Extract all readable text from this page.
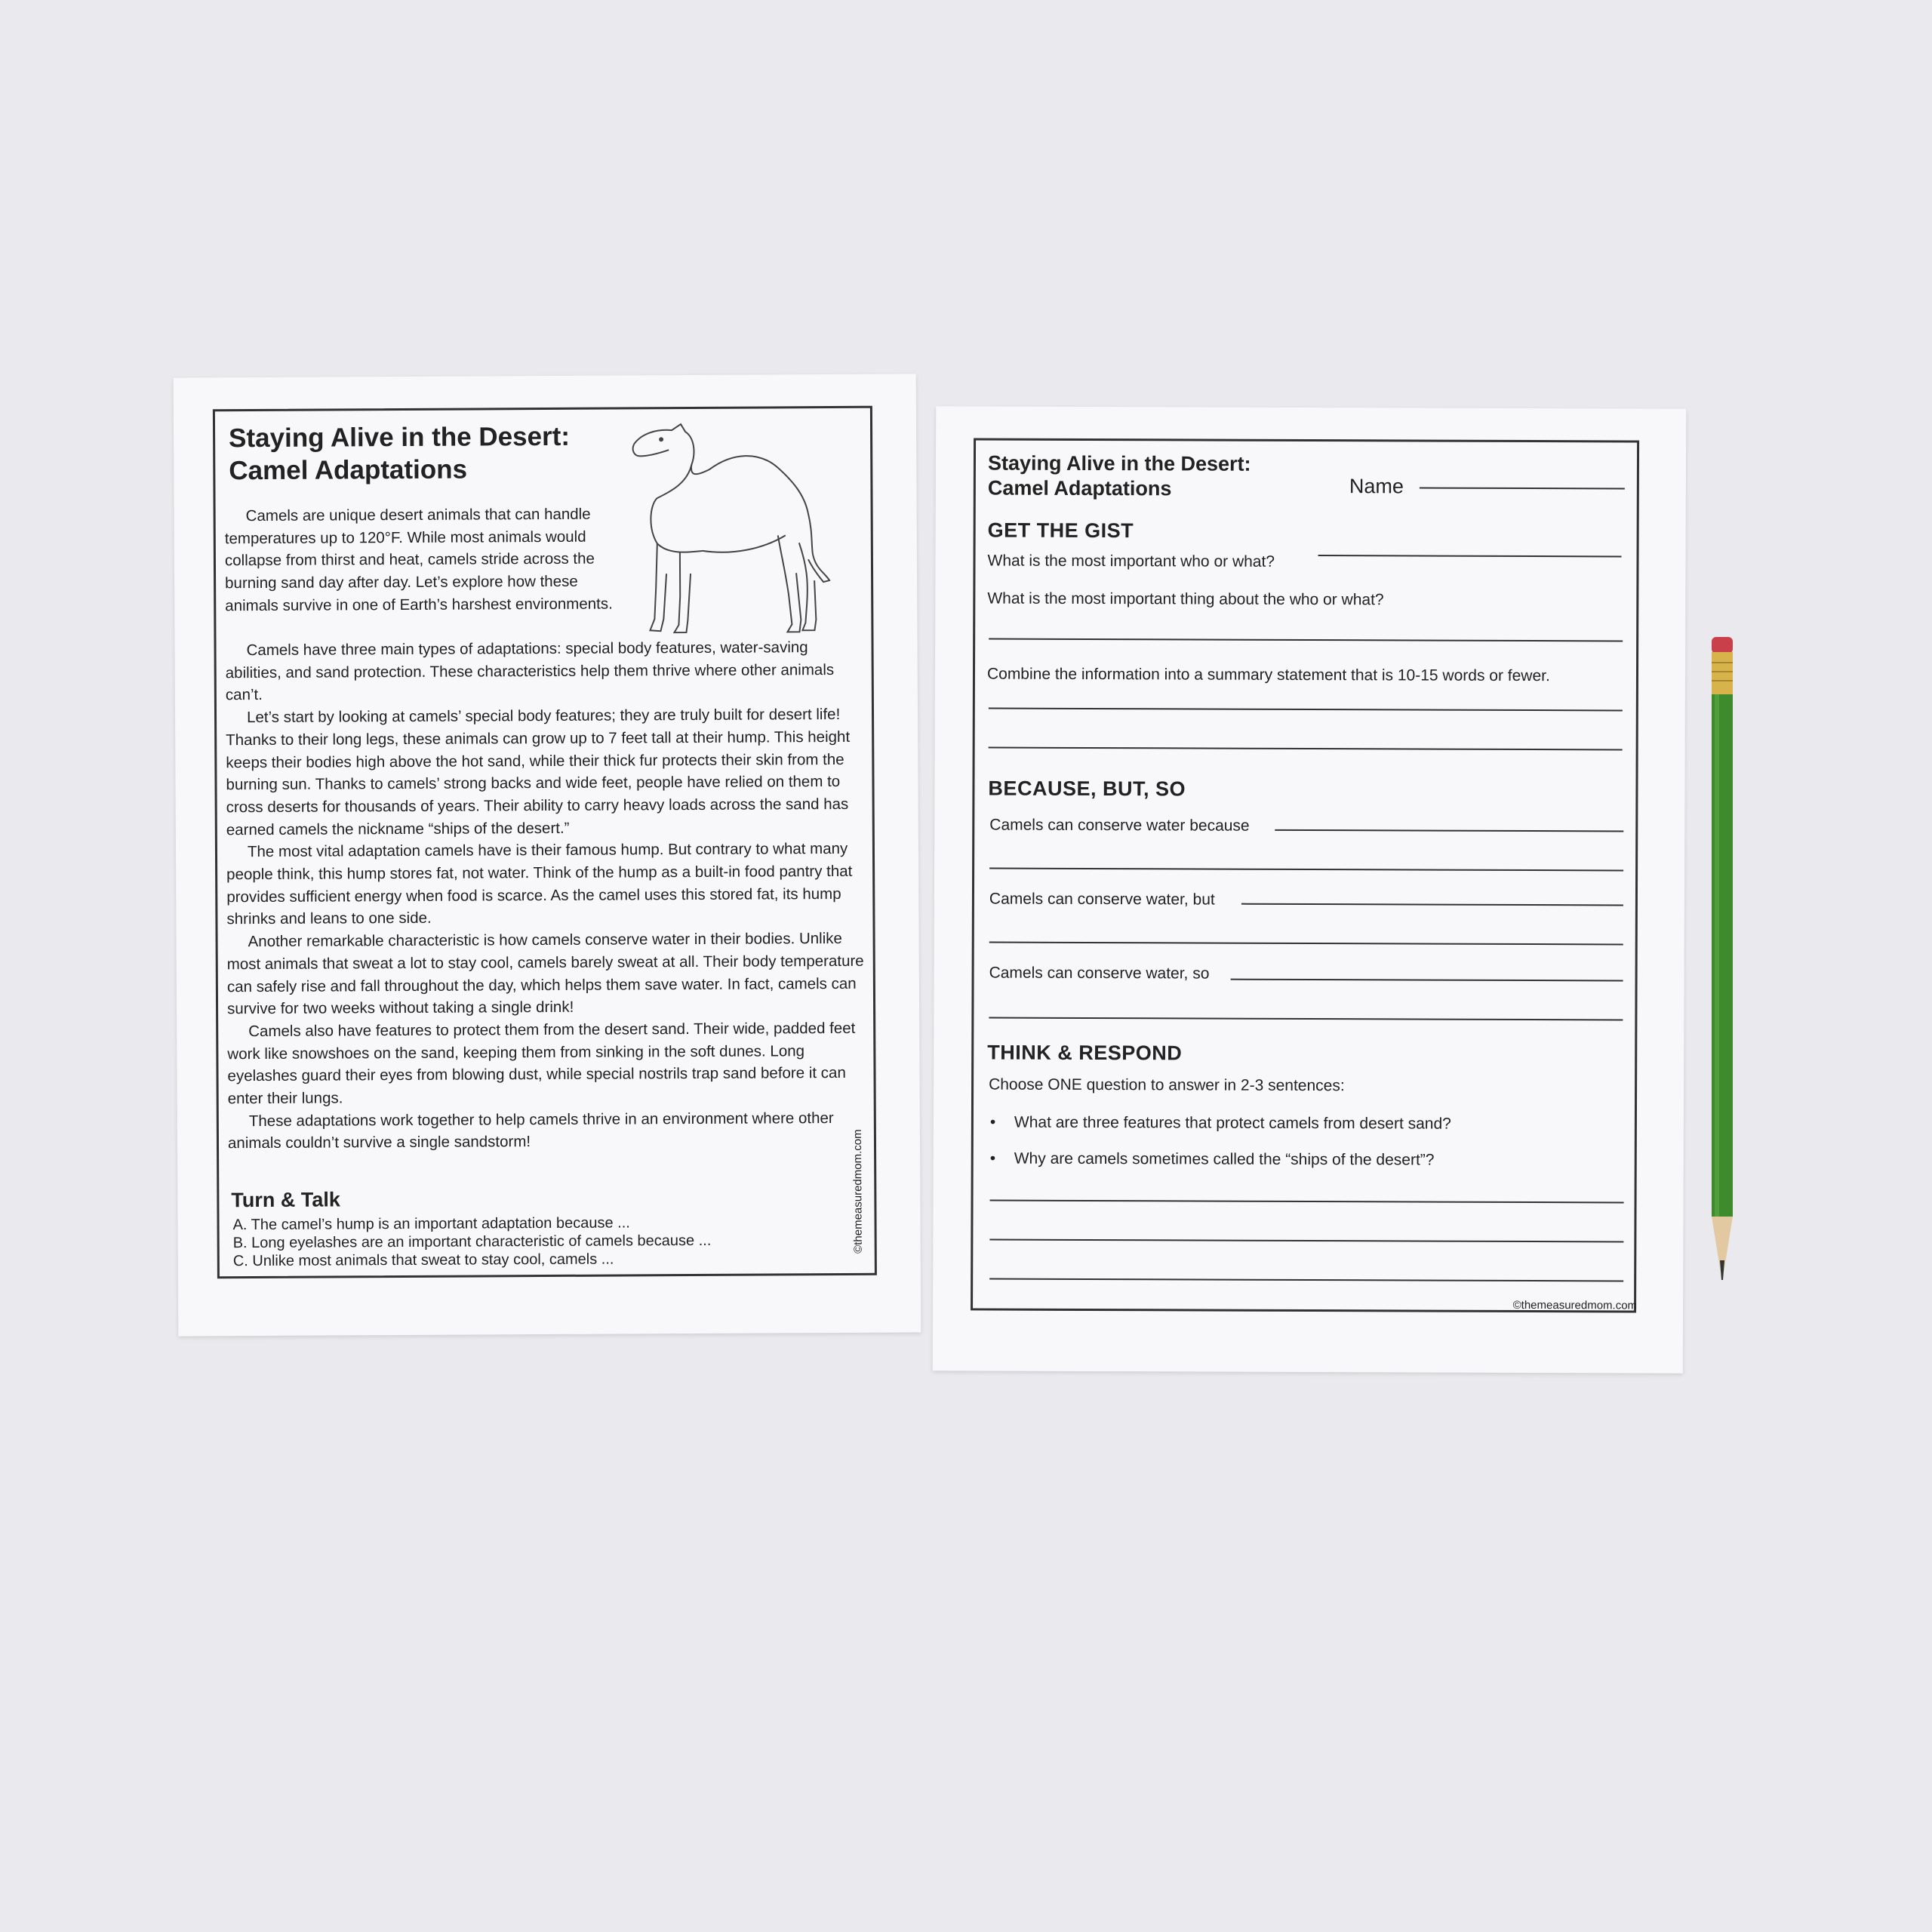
Staying Alive in the Desert:
Camel Adaptations

Camels are unique desert animals that can handle temperatures up to 120°F. While most animals would collapse from thirst and heat, camels stride across the burning sand day after day. Let’s explore how these animals survive in one of Earth’s harshest environments.

Camels have three main types of adaptations: special body features, water-saving abilities, and sand protection. These characteristics help them thrive where other animals can’t.

Let’s start by looking at camels’ special body features; they are truly built for desert life! Thanks to their long legs, these animals can grow up to 7 feet tall at their hump. This height keeps their bodies high above the hot sand, while their thick fur protects their skin from the burning sun. Thanks to camels’ strong backs and wide feet, people have relied on them to cross deserts for thousands of years. Their ability to carry heavy loads across the sand has earned camels the nickname “ships of the desert.”

The most vital adaptation camels have is their famous hump. But contrary to what many people think, this hump stores fat, not water. Think of the hump as a built-in food pantry that provides sufficient energy when food is scarce. As the camel uses this stored fat, its hump shrinks and leans to one side.

Another remarkable characteristic is how camels conserve water in their bodies. Unlike most animals that sweat a lot to stay cool, camels barely sweat at all. Their body temperature can safely rise and fall throughout the day, which helps them save water. In fact, camels can survive for two weeks without taking a single drink!

Camels also have features to protect them from the desert sand. Their wide, padded feet work like snowshoes on the sand, keeping them from sinking in the soft dunes. Long eyelashes guard their eyes from blowing dust, while special nostrils trap sand before it can enter their lungs.

These adaptations work together to help camels thrive in an environment where other animals couldn’t survive a single sandstorm!

Turn & Talk
A. The camel’s hump is an important adaptation because ...
B. Long eyelashes are an important characteristic of camels because ...
C. Unlike most animals that sweat to stay cool, camels ...
©themeasuredmom.com
Staying Alive in the Desert:
Camel Adaptations	Name
GET THE GIST
What is the most important who or what?
What is the most important thing about the who or what?
Combine the information into a summary statement that is 10-15 words or fewer.
BECAUSE, BUT, SO
Camels can conserve water because
Camels can conserve water, but
Camels can conserve water, so
THINK & RESPOND
Choose ONE question to answer in 2-3 sentences:
• What are three features that protect camels from desert sand?
• Why are camels sometimes called the “ships of the desert”?
©themeasuredmom.com
